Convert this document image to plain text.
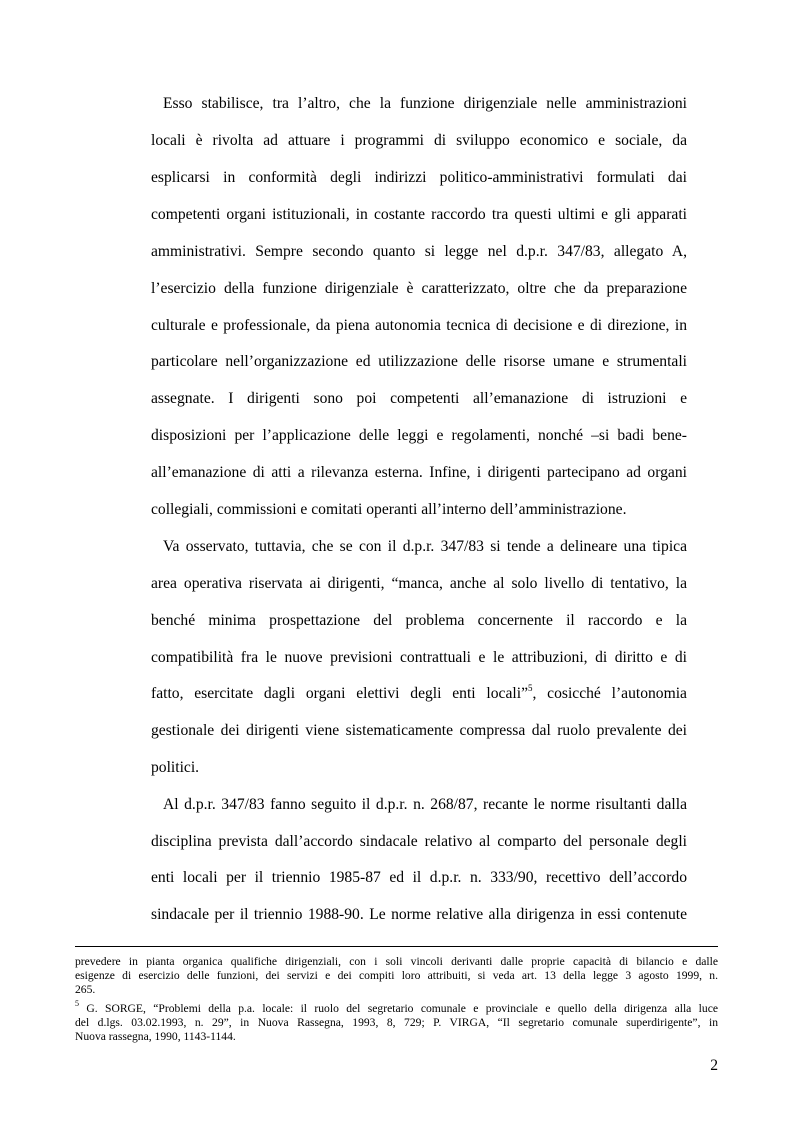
Esso stabilisce, tra l’altro, che la funzione dirigenziale nelle amministrazioni
locali è rivolta ad attuare i programmi di sviluppo economico e sociale, da
esplicarsi in conformità degli indirizzi politico-amministrativi formulati dai
competenti organi istituzionali, in costante raccordo tra questi ultimi e gli apparati
amministrativi. Sempre secondo quanto si legge nel d.p.r. 347/83, allegato A,
l’esercizio della funzione dirigenziale è caratterizzato, oltre che da preparazione
culturale e professionale, da piena autonomia tecnica di decisione e di direzione, in
particolare nell’organizzazione ed utilizzazione delle risorse umane e strumentali
assegnate. I dirigenti sono poi competenti all’emanazione di istruzioni e
disposizioni per l’applicazione delle leggi e regolamenti, nonché –si badi bene-
all’emanazione di atti a rilevanza esterna. Infine, i dirigenti partecipano ad organi
collegiali, commissioni e comitati operanti all’interno dell’amministrazione.
Va osservato, tuttavia, che se con il d.p.r. 347/83 si tende a delineare una tipica
area operativa riservata ai dirigenti, “manca, anche al solo livello di tentativo, la
benché minima prospettazione del problema concernente il raccordo e la
compatibilità fra le nuove previsioni contrattuali e le attribuzioni, di diritto e di
fatto, esercitate dagli organi elettivi degli enti locali”$^5$, cosicché l’autonomia
gestionale dei dirigenti viene sistematicamente compressa dal ruolo prevalente dei
politici.
Al d.p.r. 347/83 fanno seguito il d.p.r. n. 268/87, recante le norme risultanti dalla
disciplina prevista dall’accordo sindacale relativo al comparto del personale degli
enti locali per il triennio 1985-87 ed il d.p.r. n. 333/90, recettivo dell’accordo
sindacale per il triennio 1988-90. Le norme relative alla dirigenza in essi contenute
prevedere in pianta organica qualifiche dirigenziali, con i soli vincoli derivanti dalle proprie capacità di bilancio e dalle
esigenze di esercizio delle funzioni, dei servizi e dei compiti loro attribuiti, si veda art. 13 della legge 3 agosto 1999, n.
265.
$^5$ G. SORGE, “Problemi della p.a. locale: il ruolo del segretario comunale e provinciale e quello della dirigenza alla luce
del d.lgs. 03.02.1993, n. 29”, in Nuova Rassegna, 1993, 8, 729; P. VIRGA, “Il segretario comunale superdirigente”, in
Nuova rassegna, 1990, 1143-1144.
2
